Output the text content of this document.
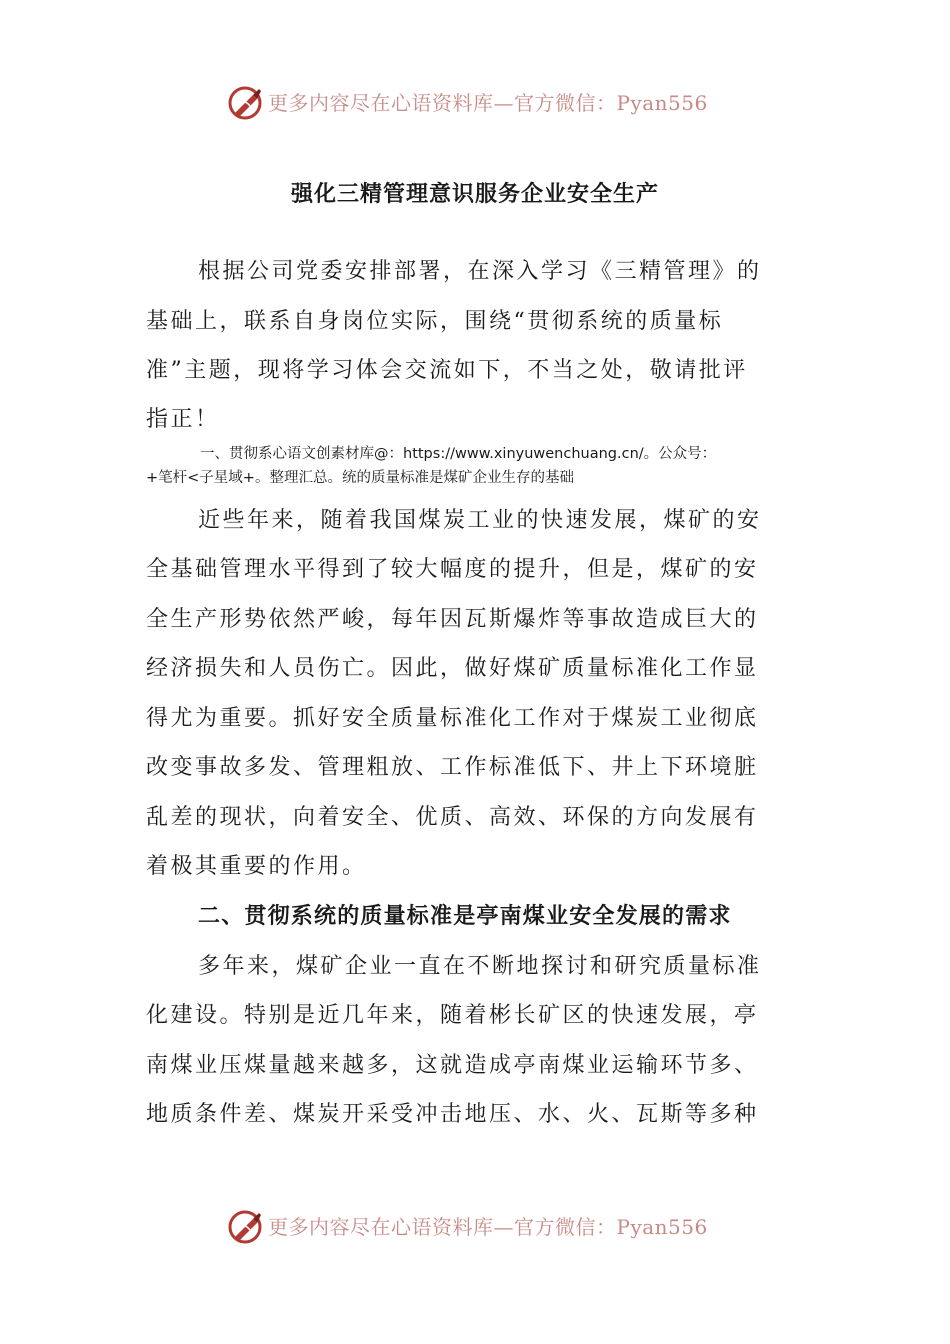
更多内容尽在心语资料库—官方微信：Pyan556
强化三精管理意识服务企业安全生产
根据公司党委安排部署，在深入学习《三精管理》的
基础上，联系自身岗位实际，围绕“贯彻系统的质量标
准”主题，现将学习体会交流如下，不当之处，敬请批评
指正！
一、贯彻系心语文创素材库@：https://www.xinyuwenchuang.cn/。公众号：
+笔杆<子星域+。整理汇总。统的质量标准是煤矿企业生存的基础
近些年来，随着我国煤炭工业的快速发展，煤矿的安
全基础管理水平得到了较大幅度的提升，但是，煤矿的安
全生产形势依然严峻，每年因瓦斯爆炸等事故造成巨大的
经济损失和人员伤亡。因此，做好煤矿质量标准化工作显
得尤为重要。抓好安全质量标准化工作对于煤炭工业彻底
改变事故多发、管理粗放、工作标准低下、井上下环境脏
乱差的现状，向着安全、优质、高效、环保的方向发展有
着极其重要的作用。
二、贯彻系统的质量标准是亭南煤业安全发展的需求
多年来，煤矿企业一直在不断地探讨和研究质量标准
化建设。特别是近几年来，随着彬长矿区的快速发展，亭
南煤业压煤量越来越多，这就造成亭南煤业运输环节多、
地质条件差、煤炭开采受冲击地压、水、火、瓦斯等多种
更多内容尽在心语资料库—官方微信：Pyan556
